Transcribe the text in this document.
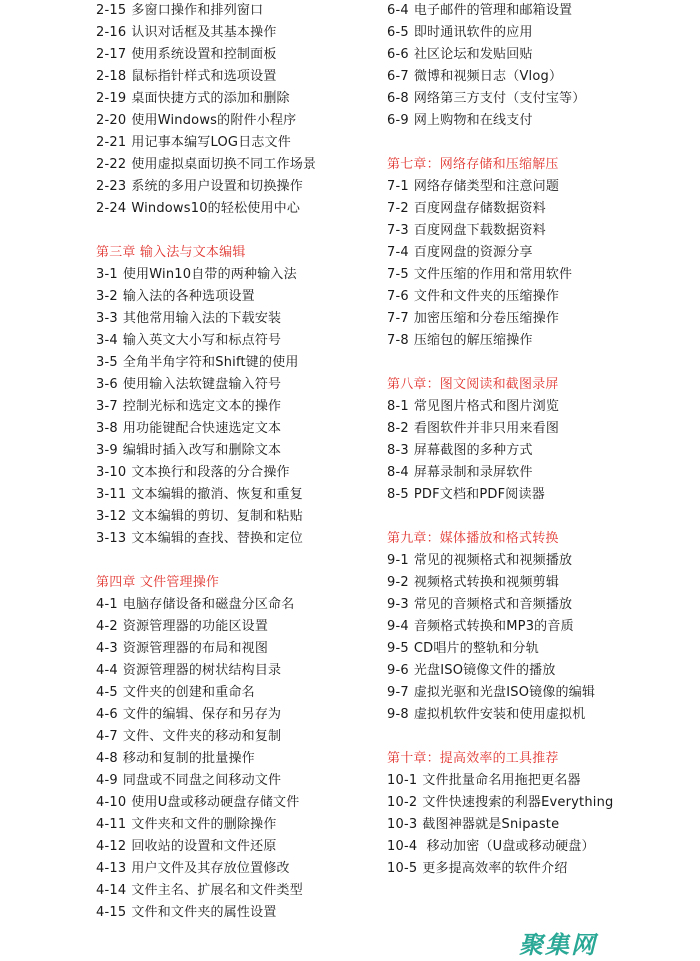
2-15 多窗口操作和排列窗口
2-16 认识对话框及其基本操作
2-17 使用系统设置和控制面板
2-18 鼠标指针样式和选项设置
2-19 桌面快捷方式的添加和删除
2-20 使用Windows的附件小程序
2-21 用记事本编写LOG日志文件
2-22 使用虚拟桌面切换不同工作场景
2-23 系统的多用户设置和切换操作
2-24 Windows10的轻松使用中心
第三章 输入法与文本编辑
3-1 使用Win10自带的两种输入法
3-2 输入法的各种选项设置
3-3 其他常用输入法的下载安装
3-4 输入英文大小写和标点符号
3-5 全角半角字符和Shift键的使用
3-6 使用输入法软键盘输入符号
3-7 控制光标和选定文本的操作
3-8 用功能键配合快速选定文本
3-9 编辑时插入改写和删除文本
3-10 文本换行和段落的分合操作
3-11 文本编辑的撤消、恢复和重复
3-12 文本编辑的剪切、复制和粘贴
3-13 文本编辑的查找、替换和定位
第四章 文件管理操作
4-1 电脑存储设备和磁盘分区命名
4-2 资源管理器的功能区设置
4-3 资源管理器的布局和视图
4-4 资源管理器的树状结构目录
4-5 文件夹的创建和重命名
4-6 文件的编辑、保存和另存为
4-7 文件、文件夹的移动和复制
4-8 移动和复制的批量操作
4-9 同盘或不同盘之间移动文件
4-10 使用U盘或移动硬盘存储文件
4-11 文件夹和文件的删除操作
4-12 回收站的设置和文件还原
4-13 用户文件及其存放位置修改
4-14 文件主名、扩展名和文件类型
4-15 文件和文件夹的属性设置
6-4 电子邮件的管理和邮箱设置
6-5 即时通讯软件的应用
6-6 社区论坛和发贴回贴
6-7 微博和视频日志（Vlog）
6-8 网络第三方支付（支付宝等）
6-9 网上购物和在线支付
第七章：网络存储和压缩解压
7-1 网络存储类型和注意问题
7-2 百度网盘存储数据资料
7-3 百度网盘下载数据资料
7-4 百度网盘的资源分享
7-5 文件压缩的作用和常用软件
7-6 文件和文件夹的压缩操作
7-7 加密压缩和分卷压缩操作
7-8 压缩包的解压缩操作
第八章：图文阅读和截图录屏
8-1 常见图片格式和图片浏览
8-2 看图软件并非只用来看图
8-3 屏幕截图的多种方式
8-4 屏幕录制和录屏软件
8-5 PDF文档和PDF阅读器
第九章：媒体播放和格式转换
9-1 常见的视频格式和视频播放
9-2 视频格式转换和视频剪辑
9-3 常见的音频格式和音频播放
9-4 音频格式转换和MP3的音质
9-5 CD唱片的整轨和分轨
9-6 光盘ISO镜像文件的播放
9-7 虚拟光驱和光盘ISO镜像的编辑
9-8 虚拟机软件安装和使用虚拟机
第十章：提高效率的工具推荐
10-1 文件批量命名用拖把更名器
10-2 文件快速搜索的利器Everything
10-3 截图神器就是Snipaste
10-4 移动加密（U盘或移动硬盘）
10-5 更多提高效率的软件介绍
聚集网
